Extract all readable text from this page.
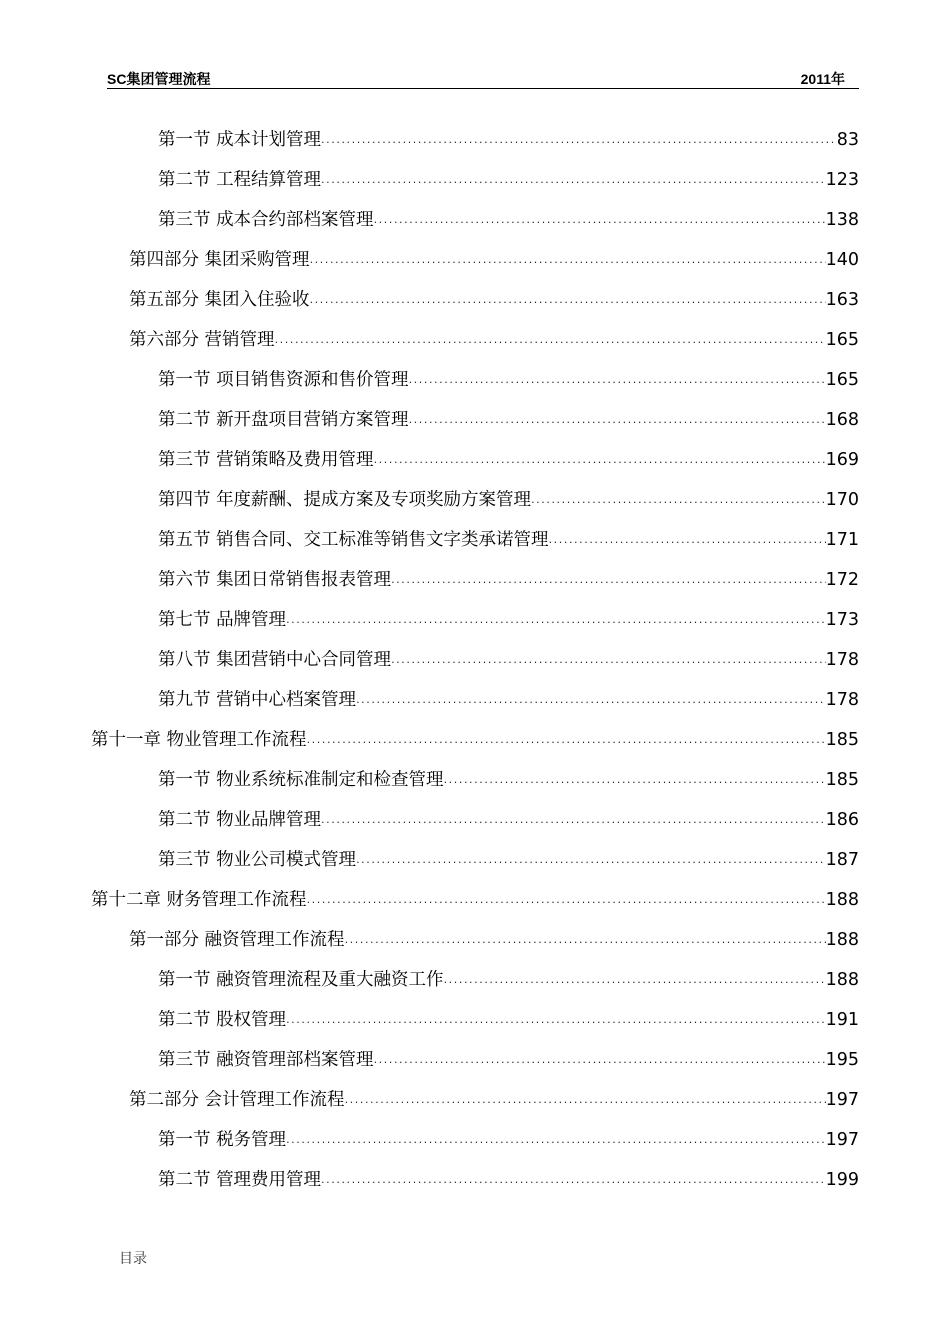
SC集团管理流程	2011年
第一节 成本计划管理 ·····	83
第二节 工程结算管理 ·····	123
第三节 成本合约部档案管理 ·····	138
第四部分 集团采购管理 ·····	140
第五部分 集团入住验收 ·····	163
第六部分 营销管理 ·····	165
第一节 项目销售资源和售价管理 ·····	165
第二节 新开盘项目营销方案管理 ·····	168
第三节 营销策略及费用管理 ·····	169
第四节 年度薪酬、提成方案及专项奖励方案管理 ·····	170
第五节 销售合同、交工标准等销售文字类承诺管理 ·····	171
第六节 集团日常销售报表管理 ·····	172
第七节 品牌管理 ·····	173
第八节 集团营销中心合同管理 ·····	178
第九节 营销中心档案管理 ·····	178
第十一章 物业管理工作流程 ·····	185
第一节 物业系统标准制定和检查管理 ·····	185
第二节 物业品牌管理 ·····	186
第三节 物业公司模式管理 ·····	187
第十二章 财务管理工作流程 ·····	188
第一部分 融资管理工作流程 ·····	188
第一节 融资管理流程及重大融资工作 ·····	188
第二节 股权管理 ·····	191
第三节 融资管理部档案管理 ·····	195
第二部分 会计管理工作流程 ·····	197
第一节 税务管理 ·····	197
第二节 管理费用管理 ·····	199
目录
